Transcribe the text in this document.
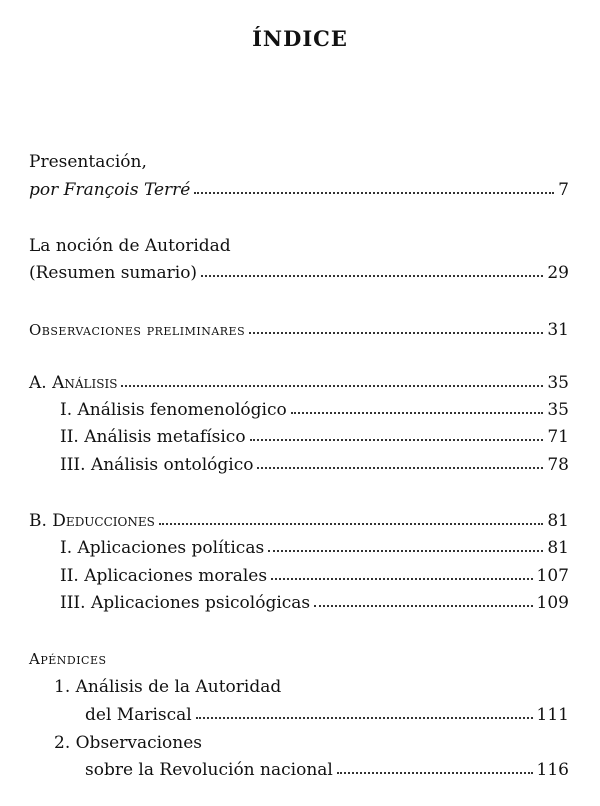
ÍNDICE
Presentación,
por François Terré	7
La noción de Autoridad
(Resumen sumario)	29
Observaciones preliminares	31
A. Análisis	35
I. Análisis fenomenológico	35
II. Análisis metafísico	71
III. Análisis ontológico	78
B. Deducciones	81
I. Aplicaciones políticas	81
II. Aplicaciones morales	107
III. Aplicaciones psicológicas	109
Apéndices
1. Análisis de la Autoridad
del Mariscal	111
2. Observaciones
sobre la Revolución nacional	116
